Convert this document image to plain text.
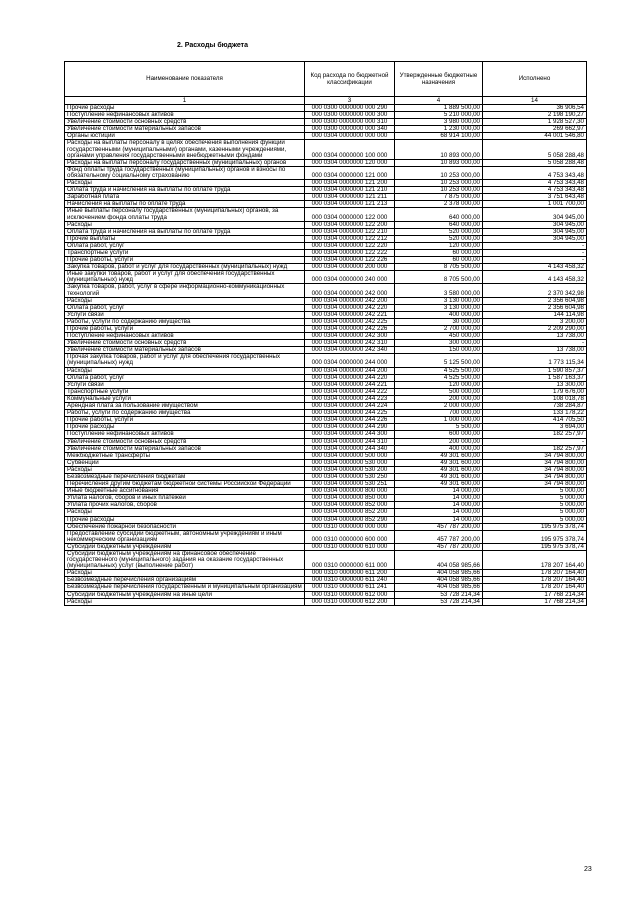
2. Расходы бюджета
Наименование показателя	Код расхода по бюджетной классификации	Утвержденные бюджетные назначения	Исполнено
1	3	4	14
Прочие расходы	000 0300 0000000 000 290	1 889 500,00	36 906,54
Поступление нефинансовых активов	000 0300 0000000 000 300	5 210 000,00	2 198 190,27
Увеличение стоимости основных средств	000 0300 0000000 000 310	3 980 000,00	1 928 527,30
Увеличение стоимости материальных запасов	000 0300 0000000 000 340	1 230 000,00	269 662,97
Органы юстиции	000 0304 0000000 000 000	68 914 100,00	44 001 546,80
Расходы на выплаты персоналу в целях обеспечения выполнения функций государственными (муниципальными) органами, казенными учреждениями, органами управления государственными внебюджетными фондами	000 0304 0000000 100 000	10 893 000,00	5 058 288,48
Расходы на выплаты персоналу государственных (муниципальных) органов	000 0304 0000000 120 000	10 893 000,00	5 058 288,48
Фонд оплаты труда государственных (муниципальных) органов и взносы по обязательному социальному страхованию	000 0304 0000000 121 000	10 253 000,00	4 753 343,48
Расходы	000 0304 0000000 121 200	10 253 000,00	4 753 343,48
Оплата труда и начисления на выплаты по оплате труда	000 0304 0000000 121 210	10 253 000,00	4 753 343,48
Заработная плата	000 0304 0000000 121 211	7 875 000,00	3 751 643,48
Начисления на выплаты по оплате труда	000 0304 0000000 121 213	2 378 000,00	1 001 700,00
Иные выплаты персоналу государственных (муниципальных) органов, за исключением фонда оплаты труда	000 0304 0000000 122 000	640 000,00	304 945,00
Расходы	000 0304 0000000 122 200	640 000,00	304 945,00
Оплата труда и начисления на выплаты по оплате труда	000 0304 0000000 122 210	520 000,00	304 945,00
Прочие выплаты	000 0304 0000000 122 212	520 000,00	304 945,00
Оплата работ, услуг	000 0304 0000000 122 220	120 000,00	-
Транспортные услуги	000 0304 0000000 122 222	60 000,00	-
Прочие работы, услуги	000 0304 0000000 122 226	60 000,00	-
Закупка товаров, работ и услуг для государственных (муниципальных) нужд	000 0304 0000000 200 000	8 705 500,00	4 143 458,32
Иные закупки товаров, работ и услуг для обеспечения государственных (муниципальных) нужд	000 0304 0000000 240 000	8 705 500,00	4 143 458,32
Закупка товаров, работ, услуг в сфере информационно-коммуникационных технологий	000 0304 0000000 242 000	3 580 000,00	2 370 342,98
Расходы	000 0304 0000000 242 200	3 130 000,00	2 356 604,98
Оплата работ, услуг	000 0304 0000000 242 220	3 130 000,00	2 356 604,98
Услуги связи	000 0304 0000000 242 221	400 000,00	144 114,98
Работы, услуги по содержанию имущества	000 0304 0000000 242 225	30 000,00	3 200,00
Прочие работы, услуги	000 0304 0000000 242 226	2 700 000,00	2 209 290,00
Поступление нефинансовых активов	000 0304 0000000 242 300	450 000,00	13 738,00
Увеличение стоимости основных средств	000 0304 0000000 242 310	300 000,00	-
Увеличение стоимости материальных запасов	000 0304 0000000 242 340	150 000,00	13 738,00
Прочая закупка товаров, работ и услуг для обеспечения государственных (муниципальных) нужд	000 0304 0000000 244 000	5 125 500,00	1 773 115,34
Расходы	000 0304 0000000 244 200	4 525 500,00	1 590 857,37
Оплата работ, услуг	000 0304 0000000 244 220	4 525 500,00	1 587 163,37
Услуги связи	000 0304 0000000 244 221	120 000,00	13 300,00
Транспортные услуги	000 0304 0000000 244 222	500 000,00	179 676,00
Коммунальные услуги	000 0304 0000000 244 223	200 000,00	108 018,78
Арендная плата за пользование имуществом	000 0304 0000000 244 224	2 000 000,00	738 284,87
Работы, услуги по содержанию имущества	000 0304 0000000 244 225	700 000,00	133 178,22
Прочие работы, услуги	000 0304 0000000 244 226	1 000 000,00	414 705,50
Прочие расходы	000 0304 0000000 244 290	5 500,00	3 694,00
Поступление нефинансовых активов	000 0304 0000000 244 300	600 000,00	182 257,97
Увеличение стоимости основных средств	000 0304 0000000 244 310	200 000,00	-
Увеличение стоимости материальных запасов	000 0304 0000000 244 340	400 000,00	182 257,97
Межбюджетные трансферты	000 0304 0000000 500 000	49 301 600,00	34 794 800,00
Субвенции	000 0304 0000000 530 000	49 301 600,00	34 794 800,00
Расходы	000 0304 0000000 530 200	49 301 600,00	34 794 800,00
Безвозмездные перечисления бюджетам	000 0304 0000000 530 250	49 301 600,00	34 794 800,00
Перечисления другим бюджетам бюджетной системы Российской Федерации	000 0304 0000000 530 251	49 301 600,00	34 794 800,00
Иные бюджетные ассигнования	000 0304 0000000 800 000	14 000,00	5 000,00
Уплата налогов, сборов и иных платежей	000 0304 0000000 850 000	14 000,00	5 000,00
Уплата прочих налогов, сборов	000 0304 0000000 852 000	14 000,00	5 000,00
Расходы	000 0304 0000000 852 200	14 000,00	5 000,00
Прочие расходы	000 0304 0000000 852 290	14 000,00	5 000,00
Обеспечение пожарной безопасности	000 0310 0000000 000 000	457 787 200,00	195 975 378,74
Предоставление субсидий бюджетным, автономным учреждениям и иным некоммерческим организациям	000 0310 0000000 600 000	457 787 200,00	195 975 378,74
Субсидии бюджетным учреждениям	000 0310 0000000 610 000	457 787 200,00	195 975 378,74
Субсидии бюджетным учреждениям на финансовое обеспечение государственного (муниципального) задания на оказание государственных (муниципальных) услуг (выполнение работ)	000 0310 0000000 611 000	404 058 985,66	178 207 164,40
Расходы	000 0310 0000000 611 200	404 058 985,66	178 207 164,40
Безвозмездные перечисления организациям	000 0310 0000000 611 240	404 058 985,66	178 207 164,40
Безвозмездные перечисления государственным и муниципальным организациям	000 0310 0000000 611 241	404 058 985,66	178 207 164,40
Субсидии бюджетным учреждениям на иные цели	000 0310 0000000 612 000	53 728 214,34	17 768 214,34
Расходы	000 0310 0000000 612 200	53 728 214,34	17 768 214,34
23
